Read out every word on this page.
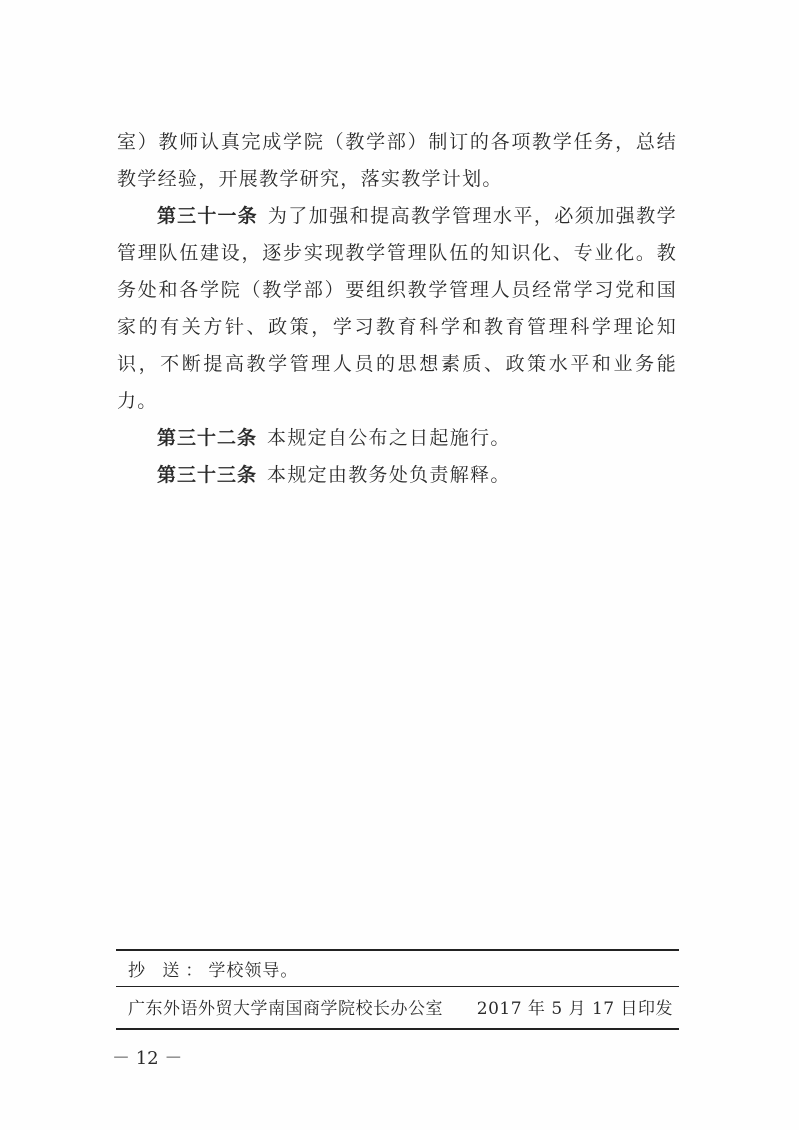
室）教师认真完成学院（教学部）制订的各项教学任务，总结教学经验，开展教学研究，落实教学计划。

第三十一条 为了加强和提高教学管理水平，必须加强教学管理队伍建设，逐步实现教学管理队伍的知识化、专业化。教务处和各学院（教学部）要组织教学管理人员经常学习党和国家的有关方针、政策，学习教育科学和教育管理科学理论知识，不断提高教学管理人员的思想素质、政策水平和业务能力。

第三十二条 本规定自公布之日起施行。

第三十三条 本规定由教务处负责解释。

抄 送：学校领导。
广东外语外贸大学南国商学院校长办公室 2017 年 5 月 17 日印发
－ 12 －
